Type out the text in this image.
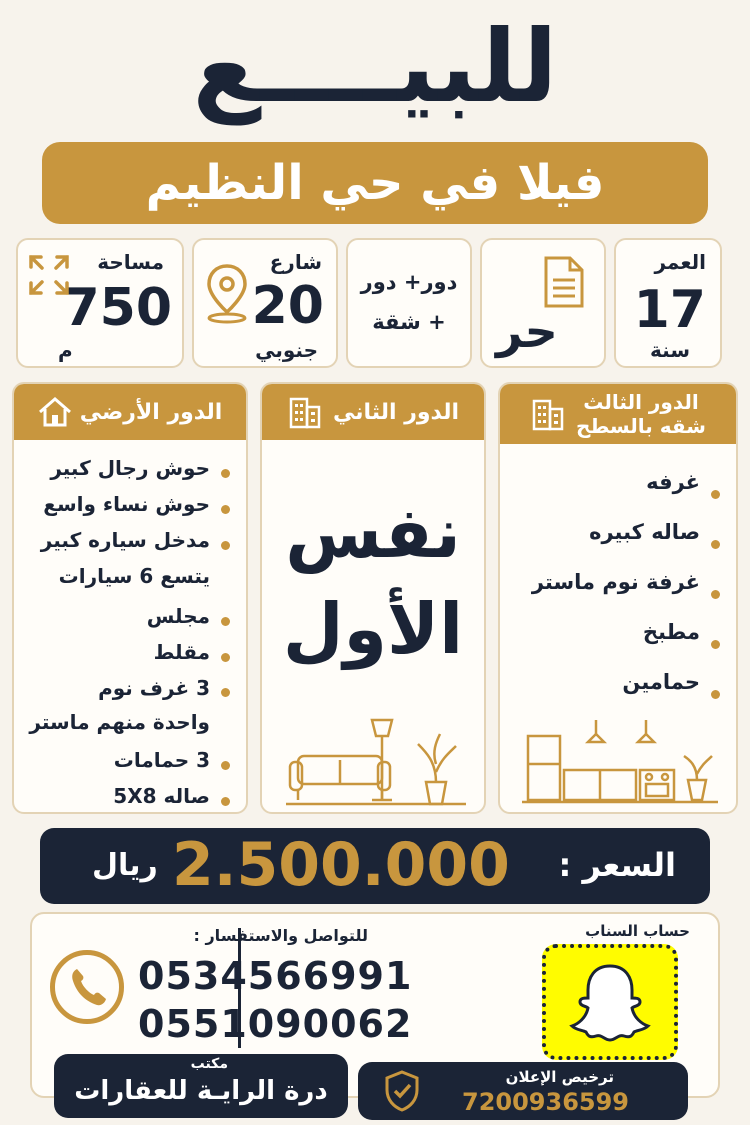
للبيــــع
فيلا في حي النظيم
العمر
17
سنة
حر
دور+ دور
+ شقة
شارع
20
جنوبي
مساحة
750
م
الدور الأرضي
حوش رجال كبير
حوش نساء واسع
مدخل سياره كبير
يتسع 6 سيارات
مجلس
مقلط
3 غرف نوم
واحدة منهم ماستر
3 حمامات
صاله 5X8
الدور الثاني
نفس
الأول
الدور الثالث
شقه بالسطح
غرفه
صاله كبيره
غرفة نوم ماستر
مطبخ
حمامين
السعر :
2.500.000
ريال
حساب السناب
للتواصل والاستفسار :
0534566991
0551090062
مكتب
درة الرايـة للعقارات	ترخيص الإعلان
7200936599
